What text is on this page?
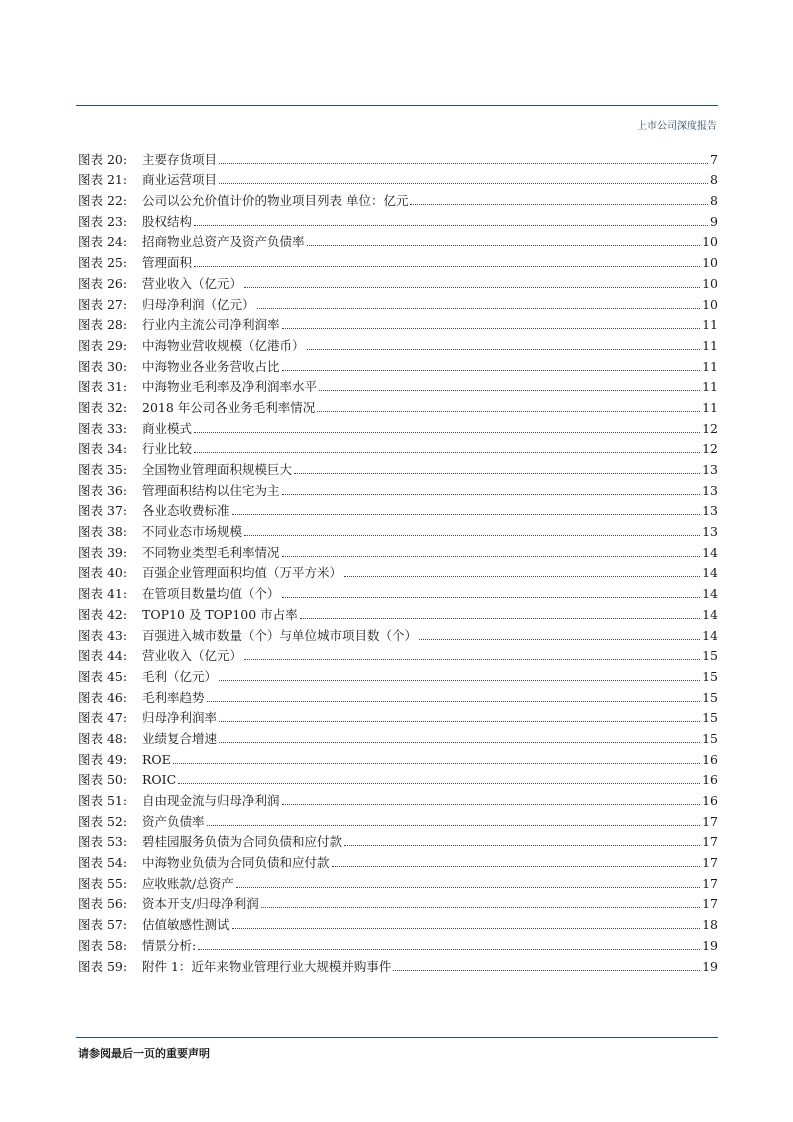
上市公司深度报告
图表 20:	主要存货项目	7
图表 21:	商业运营项目	8
图表 22:	公司以公允价值计价的物业项目列表 单位：亿元	8
图表 23:	股权结构	9
图表 24:	招商物业总资产及资产负债率	10
图表 25:	管理面积	10
图表 26:	营业收入（亿元）	10
图表 27:	归母净利润（亿元）	10
图表 28:	行业内主流公司净利润率	11
图表 29:	中海物业营收规模（亿港币）	11
图表 30:	中海物业各业务营收占比	11
图表 31:	中海物业毛利率及净利润率水平	11
图表 32:	2018 年公司各业务毛利率情况	11
图表 33:	商业模式	12
图表 34:	行业比较	12
图表 35:	全国物业管理面积规模巨大	13
图表 36:	管理面积结构以住宅为主	13
图表 37:	各业态收费标准	13
图表 38:	不同业态市场规模	13
图表 39:	不同物业类型毛利率情况	14
图表 40:	百强企业管理面积均值（万平方米）	14
图表 41:	在管项目数量均值（个）	14
图表 42:	TOP10 及 TOP100 市占率	14
图表 43:	百强进入城市数量（个）与单位城市项目数（个）	14
图表 44:	营业收入（亿元）	15
图表 45:	毛利（亿元）	15
图表 46:	毛利率趋势	15
图表 47:	归母净利润率	15
图表 48:	业绩复合增速	15
图表 49:	ROE	16
图表 50:	ROIC	16
图表 51:	自由现金流与归母净利润	16
图表 52:	资产负债率	17
图表 53:	碧桂园服务负债为合同负债和应付款	17
图表 54:	中海物业负债为合同负债和应付款	17
图表 55:	应收账款/总资产	17
图表 56:	资本开支/归母净利润	17
图表 57:	估值敏感性测试	18
图表 58:	情景分析:	19
图表 59:	附件 1：近年来物业管理行业大规模并购事件	19
请参阅最后一页的重要声明
